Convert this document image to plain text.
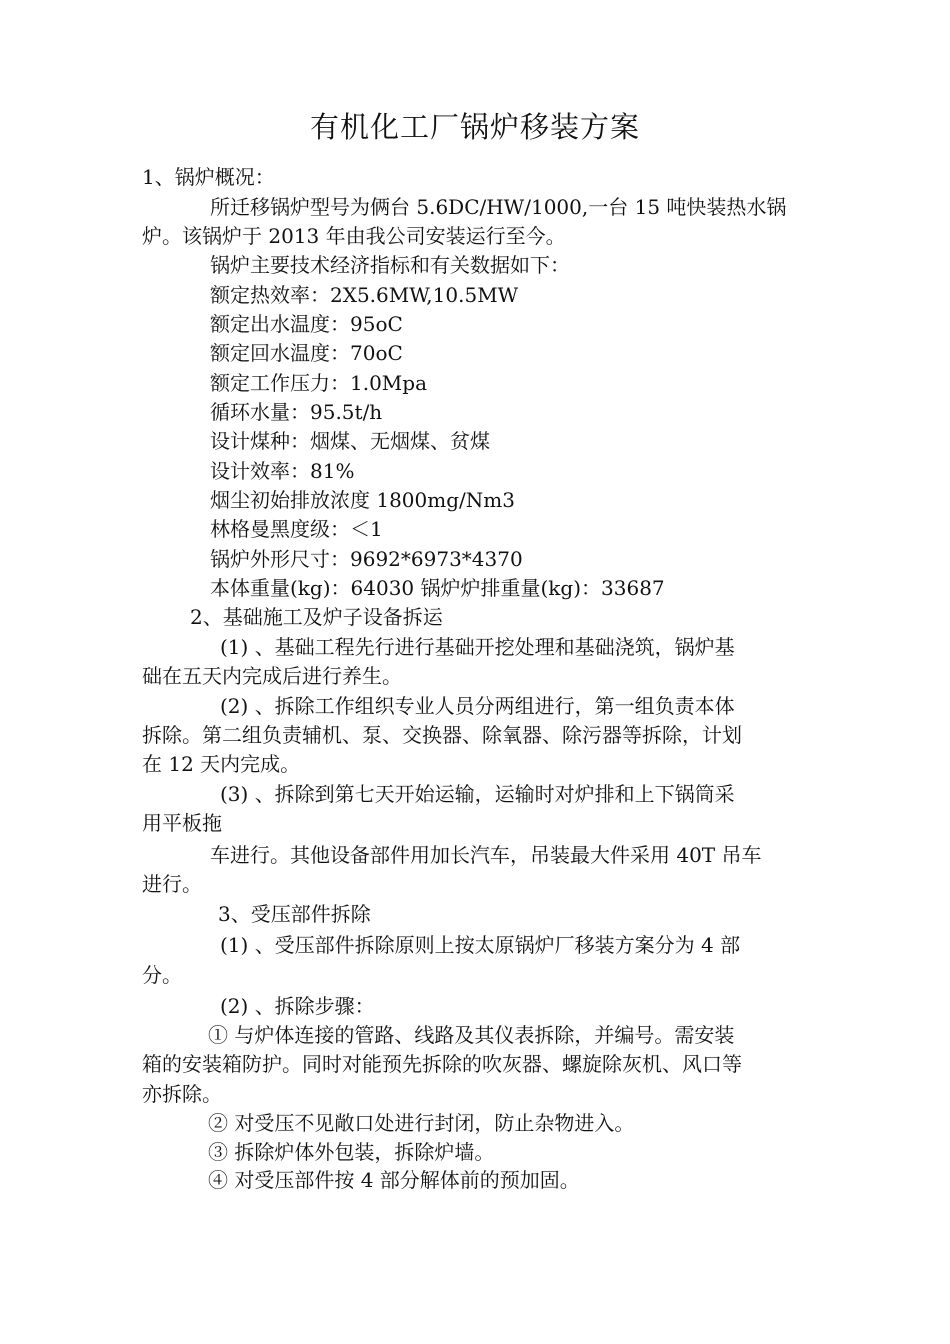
有机化工厂锅炉移装方案
1、锅炉概况：
所迁移锅炉型号为俩台 5.6DC/HW/1000,一台 15 吨快装热水锅
炉。该锅炉于 2013 年由我公司安装运行至今。
锅炉主要技术经济指标和有关数据如下：
额定热效率：2X5.6MW,10.5MW
额定出水温度：95oC
额定回水温度：70oC
额定工作压力：1.0Mpa
循环水量：95.5t/h
设计煤种：烟煤、无烟煤、贫煤
设计效率：81%
烟尘初始排放浓度 1800mg/Nm3
林格曼黑度级：＜1
锅炉外形尺寸：9692*6973*4370
本体重量(kg)：64030 锅炉炉排重量(kg)：33687
2、基础施工及炉子设备拆运
(1) 、基础工程先行进行基础开挖处理和基础浇筑，锅炉基
础在五天内完成后进行养生。
(2) 、拆除工作组织专业人员分两组进行，第一组负责本体
拆除。第二组负责辅机、泵、交换器、除氧器、除污器等拆除，计划
在 12 天内完成。
(3) 、拆除到第七天开始运输，运输时对炉排和上下锅筒采
用平板拖
车进行。其他设备部件用加长汽车，吊装最大件采用 40T 吊车
进行。
3、受压部件拆除
(1) 、受压部件拆除原则上按太原锅炉厂移装方案分为 4 部
分。
(2) 、拆除步骤：
① 与炉体连接的管路、线路及其仪表拆除，并编号。需安装
箱的安装箱防护。同时对能预先拆除的吹灰器、螺旋除灰机、风口等
亦拆除。
② 对受压不见敞口处进行封闭，防止杂物进入。
③ 拆除炉体外包装，拆除炉墙。
④ 对受压部件按 4 部分解体前的预加固。
